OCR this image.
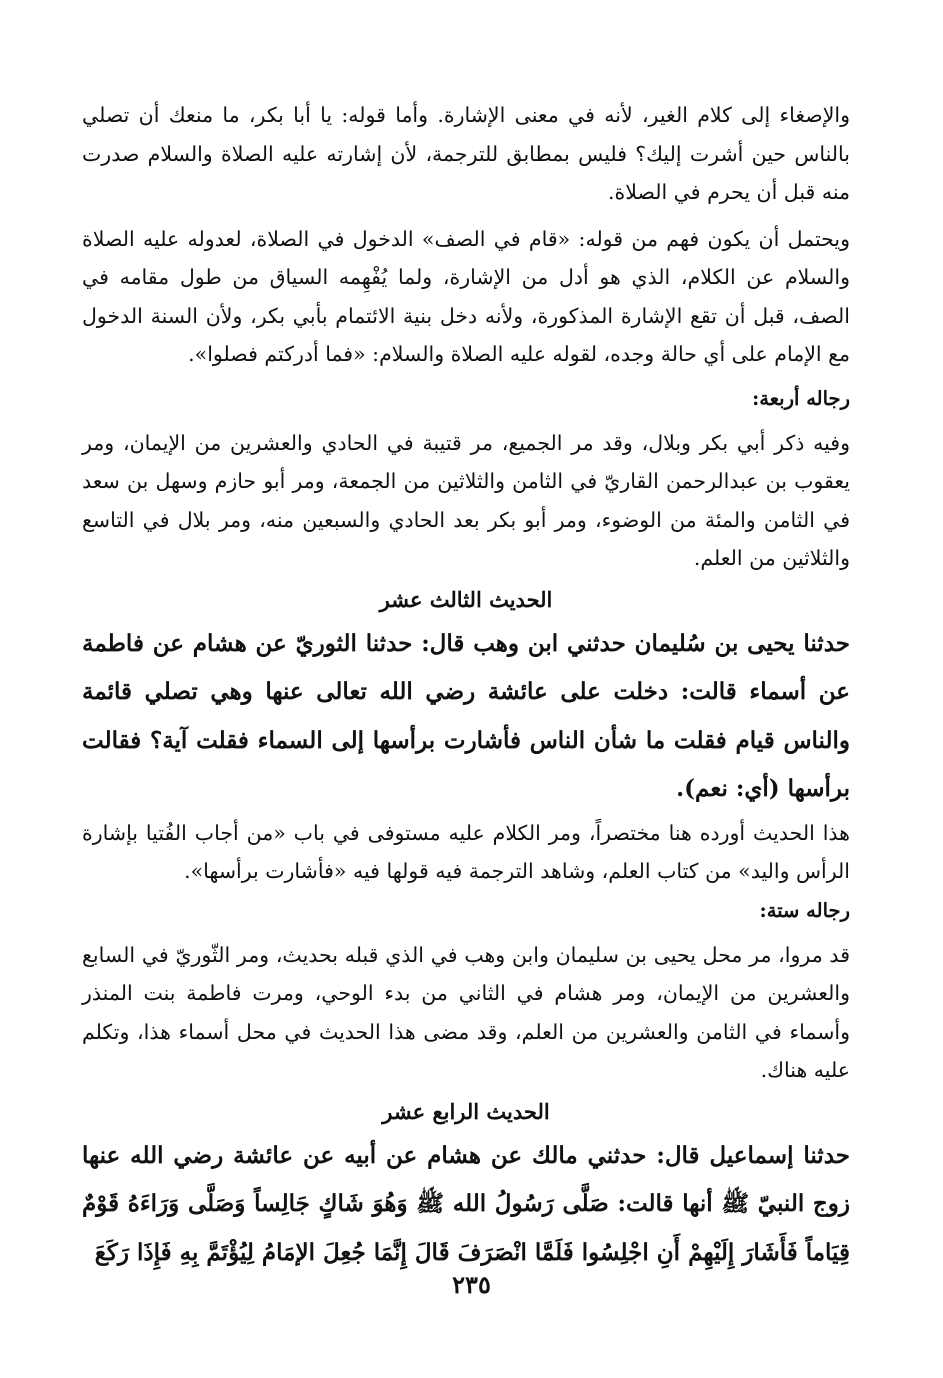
والإصغاء إلى كلام الغير، لأنه في معنى الإشارة. وأما قوله: يا أبا بكر، ما منعك أن تصلي بالناس حين أشرت إليك؟ فليس بمطابق للترجمة، لأن إشارته عليه الصلاة والسلام صدرت منه قبل أن يحرم في الصلاة.

ويحتمل أن يكون فهم من قوله: «قام في الصف» الدخول في الصلاة، لعدوله عليه الصلاة والسلام عن الكلام، الذي هو أدل من الإشارة، ولما يُفْهِمه السياق من طول مقامه في الصف، قبل أن تقع الإشارة المذكورة، ولأنه دخل بنية الائتمام بأبي بكر، ولأن السنة الدخول مع الإمام على أي حالة وجده، لقوله عليه الصلاة والسلام: «فما أدركتم فصلوا».

رجاله أربعة:

وفيه ذكر أبي بكر وبلال، وقد مر الجميع، مر قتيبة في الحادي والعشرين من الإيمان، ومر يعقوب بن عبدالرحمن القاريّ في الثامن والثلاثين من الجمعة، ومر أبو حازم وسهل بن سعد في الثامن والمئة من الوضوء، ومر أبو بكر بعد الحادي والسبعين منه، ومر بلال في التاسع والثلاثين من العلم.

الحديث الثالث عشر

حدثنا يحيى بن سُليمان حدثني ابن وهب قال: حدثنا الثوريّ عن هشام عن فاطمة عن أسماء قالت: دخلت على عائشة رضي الله تعالى عنها وهي تصلي قائمة والناس قيام فقلت ما شأن الناس فأشارت برأسها إلى السماء فقلت آية؟ فقالت برأسها (أي: نعم).

هذا الحديث أورده هنا مختصراً، ومر الكلام عليه مستوفى في باب «من أجاب الفُتيا بإشارة الرأس واليد» من كتاب العلم، وشاهد الترجمة فيه قولها فيه «فأشارت برأسها».

رجاله ستة:

قد مروا، مر محل يحيى بن سليمان وابن وهب في الذي قبله بحديث، ومر الثّوريّ في السابع والعشرين من الإيمان، ومر هشام في الثاني من بدء الوحي، ومرت فاطمة بنت المنذر وأسماء في الثامن والعشرين من العلم، وقد مضى هذا الحديث في محل أسماء هذا، وتكلم عليه هناك.

الحديث الرابع عشر

حدثنا إسماعيل قال: حدثني مالك عن هشام عن أبيه عن عائشة رضي الله عنها زوج النبيّ ﷺ أنها قالت: صَلَّى رَسُولُ الله ﷺ وَهُوَ شَاكٍ جَالِساً وَصَلَّى وَرَاءَهُ قَوْمٌ قِيَاماً فَأَشَارَ إِلَيْهِمْ أَنِ اجْلِسُوا فَلَمَّا انْصَرَفَ قَالَ إِنَّمَا جُعِلَ الإمَامُ لِيُؤْتَمَّ بِهِ فَإِذَا رَكَعَ

٢٣٥
